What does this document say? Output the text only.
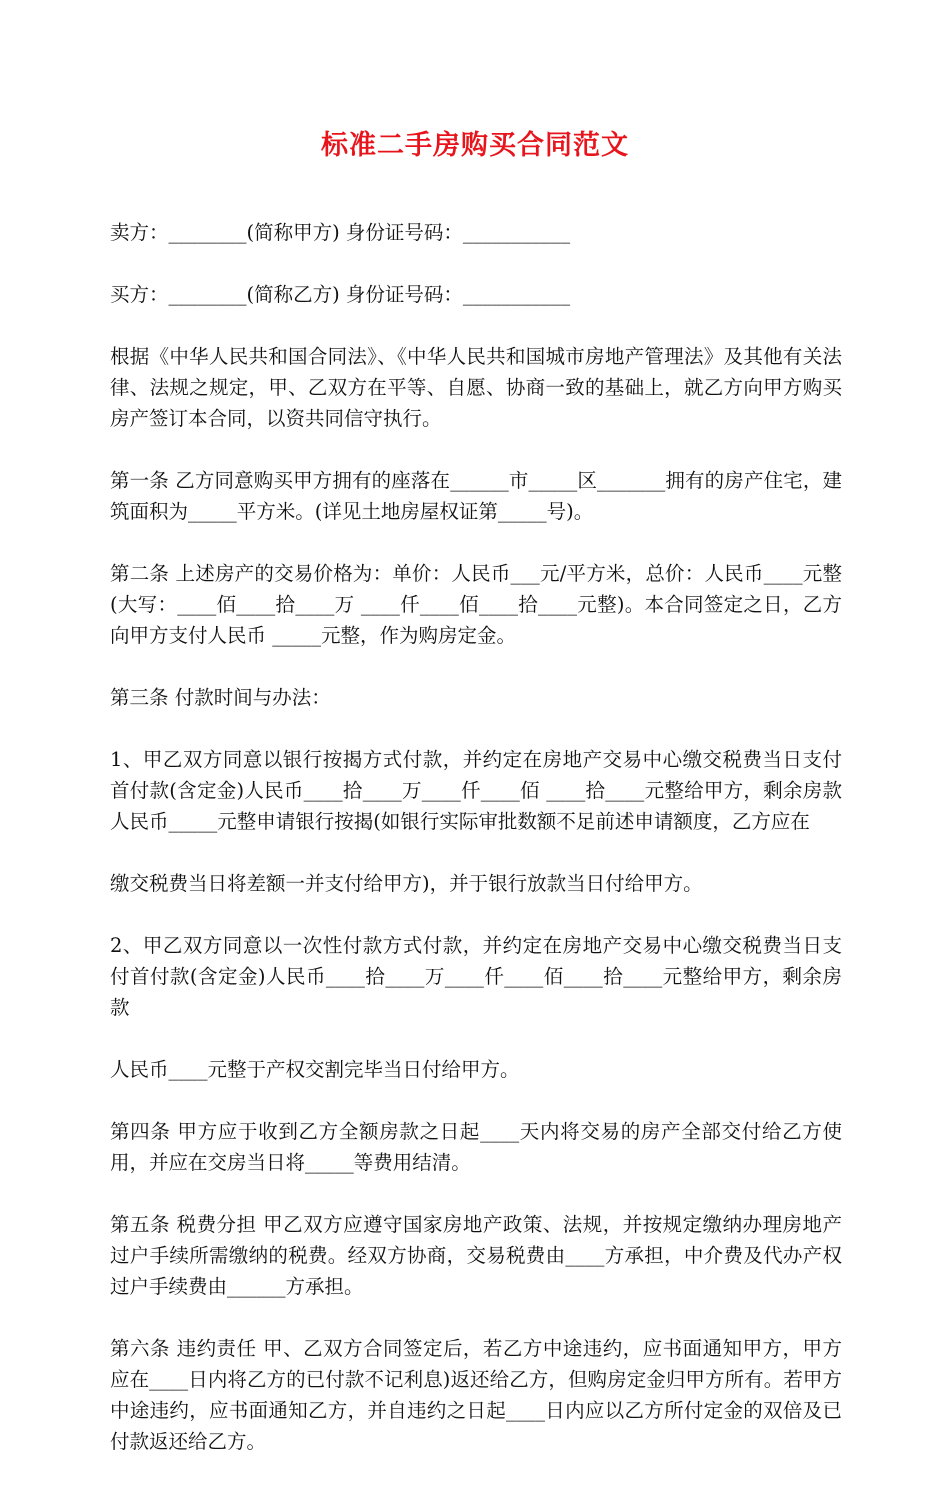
标准二手房购买合同范文

卖方：________(简称甲方) 身份证号码：___________

买方：________(简称乙方) 身份证号码：___________

根据《中华人民共和国合同法》、《中华人民共和国城市房地产管理法》及其他有关法律、法规之规定，甲、乙双方在平等、自愿、协商一致的基础上，就乙方向甲方购买房产签订本合同，以资共同信守执行。

第一条 乙方同意购买甲方拥有的座落在______市_____区_______拥有的房产住宅，建筑面积为_____平方米。(详见土地房屋权证第_____号)。

第二条 上述房产的交易价格为：单价：人民币___元/平方米，总价：人民币____元整(大写：____佰____拾____万 ____仟____佰____拾____元整)。本合同签定之日，乙方向甲方支付人民币 _____元整，作为购房定金。

第三条 付款时间与办法：

1、甲乙双方同意以银行按揭方式付款，并约定在房地产交易中心缴交税费当日支付首付款(含定金)人民币____拾____万____仟____佰 ____拾____元整给甲方，剩余房款人民币_____元整申请银行按揭(如银行实际审批数额不足前述申请额度，乙方应在

缴交税费当日将差额一并支付给甲方)，并于银行放款当日付给甲方。

2、甲乙双方同意以一次性付款方式付款，并约定在房地产交易中心缴交税费当日支付首付款(含定金)人民币____拾____万____仟____佰____拾____元整给甲方，剩余房款

人民币____元整于产权交割完毕当日付给甲方。

第四条 甲方应于收到乙方全额房款之日起____天内将交易的房产全部交付给乙方使用，并应在交房当日将_____等费用结清。

第五条 税费分担 甲乙双方应遵守国家房地产政策、法规，并按规定缴纳办理房地产过户手续所需缴纳的税费。经双方协商，交易税费由____方承担，中介费及代办产权过户手续费由______方承担。

第六条 违约责任 甲、乙双方合同签定后，若乙方中途违约，应书面通知甲方，甲方应在____日内将乙方的已付款不记利息)返还给乙方，但购房定金归甲方所有。若甲方中途违约，应书面通知乙方，并自违约之日起____日内应以乙方所付定金的双倍及已付款返还给乙方。
